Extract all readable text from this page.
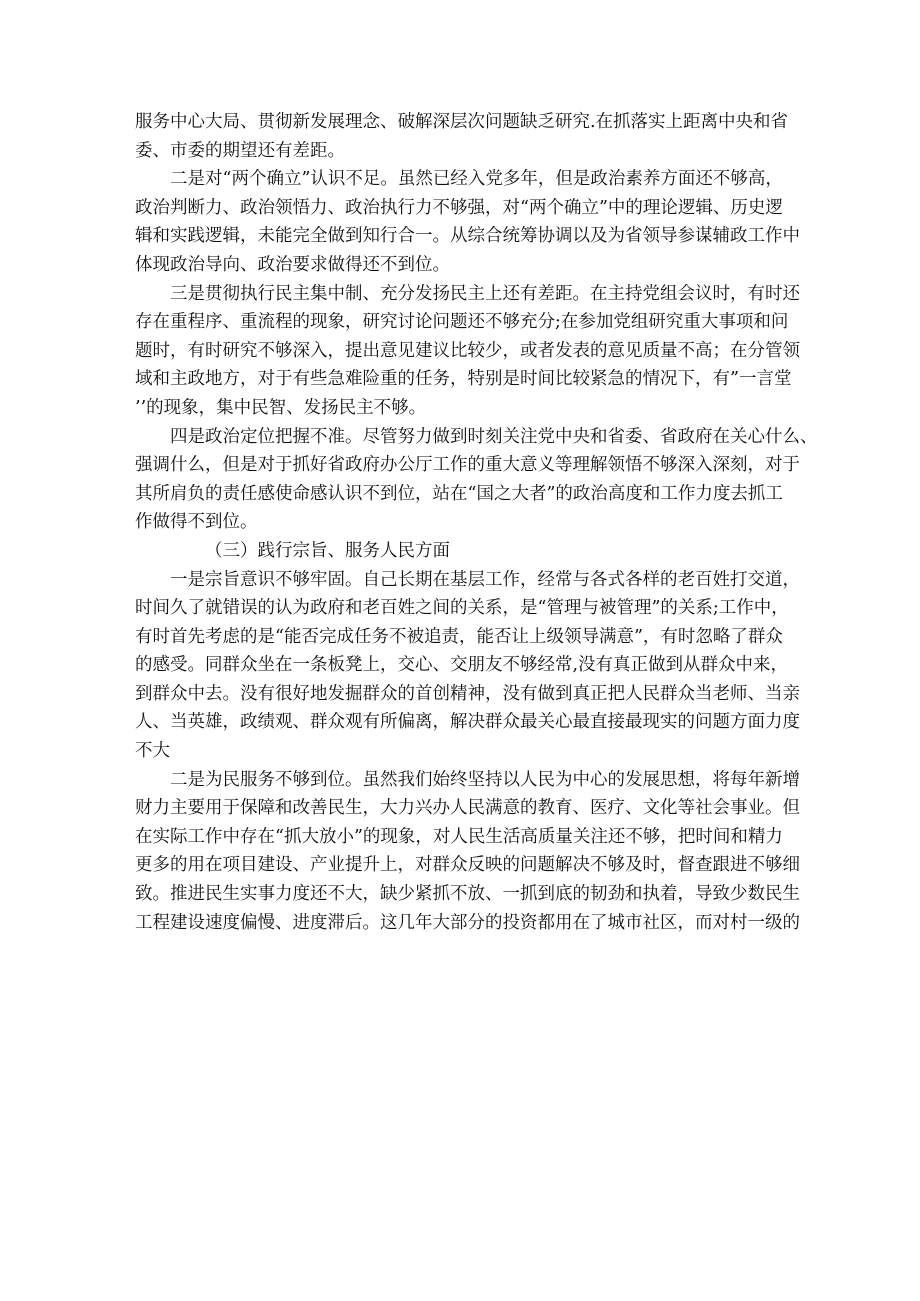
服务中心大局、贯彻新发展理念、破解深层次问题缺乏研究.在抓落实上距离中央和省
委、市委的期望还有差距。

二是对“两个确立”认识不足。虽然已经入党多年，但是政治素养方面还不够高，
政治判断力、政治领悟力、政治执行力不够强，对“两个确立”中的理论逻辑、历史逻
辑和实践逻辑，未能完全做到知行合一。从综合统筹协调以及为省领导参谋辅政工作中
体现政治导向、政治要求做得还不到位。

三是贯彻执行民主集中制、充分发扬民主上还有差距。在主持党组会议时，有时还
存在重程序、重流程的现象，研究讨论问题还不够充分;在参加党组研究重大事项和问
题时，有时研究不够深入，提出意见建议比较少，或者发表的意见质量不高；在分管领
域和主政地方，对于有些急难险重的任务，特别是时间比较紧急的情况下，有”一言堂
’’的现象，集中民智、发扬民主不够。

四是政治定位把握不准。尽管努力做到时刻关注党中央和省委、省政府在关心什么、
强调什么，但是对于抓好省政府办公厅工作的重大意义等理解领悟不够深入深刻，对于
其所肩负的责任感使命感认识不到位，站在“国之大者”的政治高度和工作力度去抓工
作做得不到位。

（三）践行宗旨、服务人民方面

一是宗旨意识不够牢固。自己长期在基层工作，经常与各式各样的老百姓打交道，
时间久了就错误的认为政府和老百姓之间的关系，是“管理与被管理”的关系;工作中，
有时首先考虑的是“能否完成任务不被追责，能否让上级领导满意”，有时忽略了群众
的感受。同群众坐在一条板凳上，交心、交朋友不够经常,没有真正做到从群众中来，
到群众中去。没有很好地发掘群众的首创精神，没有做到真正把人民群众当老师、当亲
人、当英雄，政绩观、群众观有所偏离，解决群众最关心最直接最现实的问题方面力度
不大

二是为民服务不够到位。虽然我们始终坚持以人民为中心的发展思想，将每年新增
财力主要用于保障和改善民生，大力兴办人民满意的教育、医疗、文化等社会事业。但
在实际工作中存在“抓大放小”的现象，对人民生活高质量关注还不够，把时间和精力
更多的用在项目建设、产业提升上，对群众反映的问题解决不够及时，督查跟进不够细
致。推进民生实事力度还不大，缺少紧抓不放、一抓到底的韧劲和执着，导致少数民生
工程建设速度偏慢、进度滞后。这几年大部分的投资都用在了城市社区，而对村一级的
